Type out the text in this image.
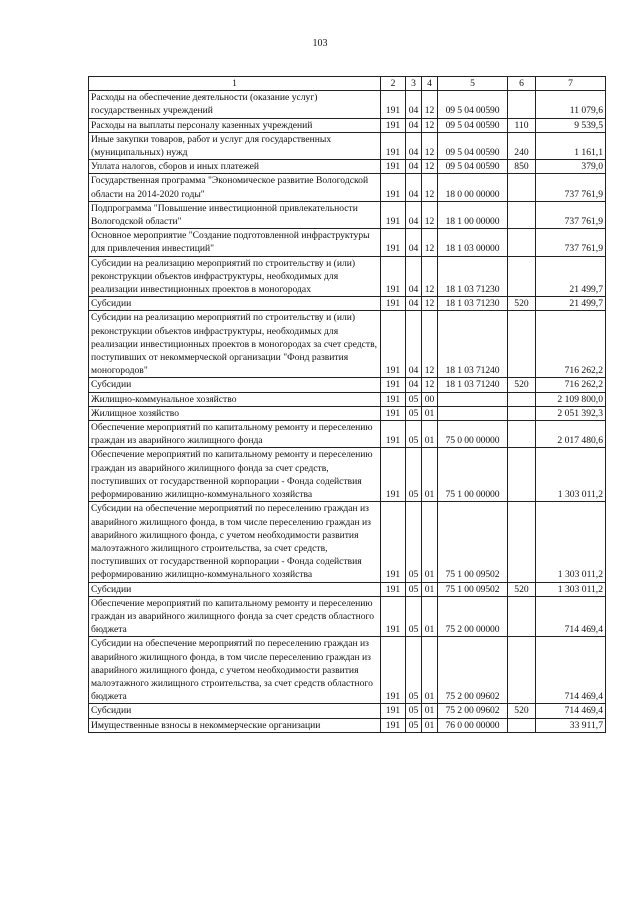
103
1	2	3	4	5	6	7
Расходы на обеспечение деятельности (оказание услуг) государственных учреждений	191	04	12	09 5 04 00590		11 079,6
Расходы на выплаты персоналу казенных учреждений	191	04	12	09 5 04 00590	110	9 539,5
Иные закупки товаров, работ и услуг для государственных (муниципальных) нужд	191	04	12	09 5 04 00590	240	1 161,1
Уплата налогов, сборов и иных платежей	191	04	12	09 5 04 00590	850	379,0
Государственная программа "Экономическое развитие Вологодской области на 2014-2020 годы"	191	04	12	18 0 00 00000		737 761,9
Подпрограмма "Повышение инвестиционной привлекательности Вологодской области"	191	04	12	18 1 00 00000		737 761,9
Основное мероприятие "Создание подготовленной инфраструктуры для привлечения инвестиций"	191	04	12	18 1 03 00000		737 761,9
Субсидии на реализацию мероприятий по строительству и (или) реконструкции объектов инфраструктуры, необходимых для реализации инвестиционных проектов в моногородах	191	04	12	18 1 03 71230		21 499,7
Субсидии	191	04	12	18 1 03 71230	520	21 499,7
Субсидии на реализацию мероприятий по строительству и (или) реконструкции объектов инфраструктуры, необходимых для реализации инвестиционных проектов в моногородах за счет средств, поступивших от некоммерческой организации "Фонд развития моногородов"	191	04	12	18 1 03 71240		716 262,2
Субсидии	191	04	12	18 1 03 71240	520	716 262,2
Жилищно-коммунальное хозяйство	191	05	00			2 109 800,0
Жилищное хозяйство	191	05	01			2 051 392,3
Обеспечение мероприятий по капитальному ремонту и переселению граждан из аварийного жилищного фонда	191	05	01	75 0 00 00000		2 017 480,6
Обеспечение мероприятий по капитальному ремонту и переселению граждан из аварийного жилищного фонда за счет средств, поступивших от государственной корпорации - Фонда содействия реформированию жилищно-коммунального хозяйства	191	05	01	75 1 00 00000		1 303 011,2
Субсидии на обеспечение мероприятий по переселению граждан из аварийного жилищного фонда, в том числе переселению граждан из аварийного жилищного фонда, с учетом необходимости развития малоэтажного жилищного строительства, за счет средств, поступивших от государственной корпорации - Фонда содействия реформированию жилищно-коммунального хозяйства	191	05	01	75 1 00 09502		1 303 011,2
Субсидии	191	05	01	75 1 00 09502	520	1 303 011,2
Обеспечение мероприятий по капитальному ремонту и переселению граждан из аварийного жилищного фонда за счет средств областного бюджета	191	05	01	75 2 00 00000		714 469,4
Субсидии на обеспечение мероприятий по переселению граждан из аварийного жилищного фонда, в том числе переселению граждан из аварийного жилищного фонда, с учетом необходимости развития малоэтажного жилищного строительства, за счет средств областного бюджета	191	05	01	75 2 00 09602		714 469,4
Субсидии	191	05	01	75 2 00 09602	520	714 469,4
Имущественные взносы в некоммерческие организации	191	05	01	76 0 00 00000		33 911,7
